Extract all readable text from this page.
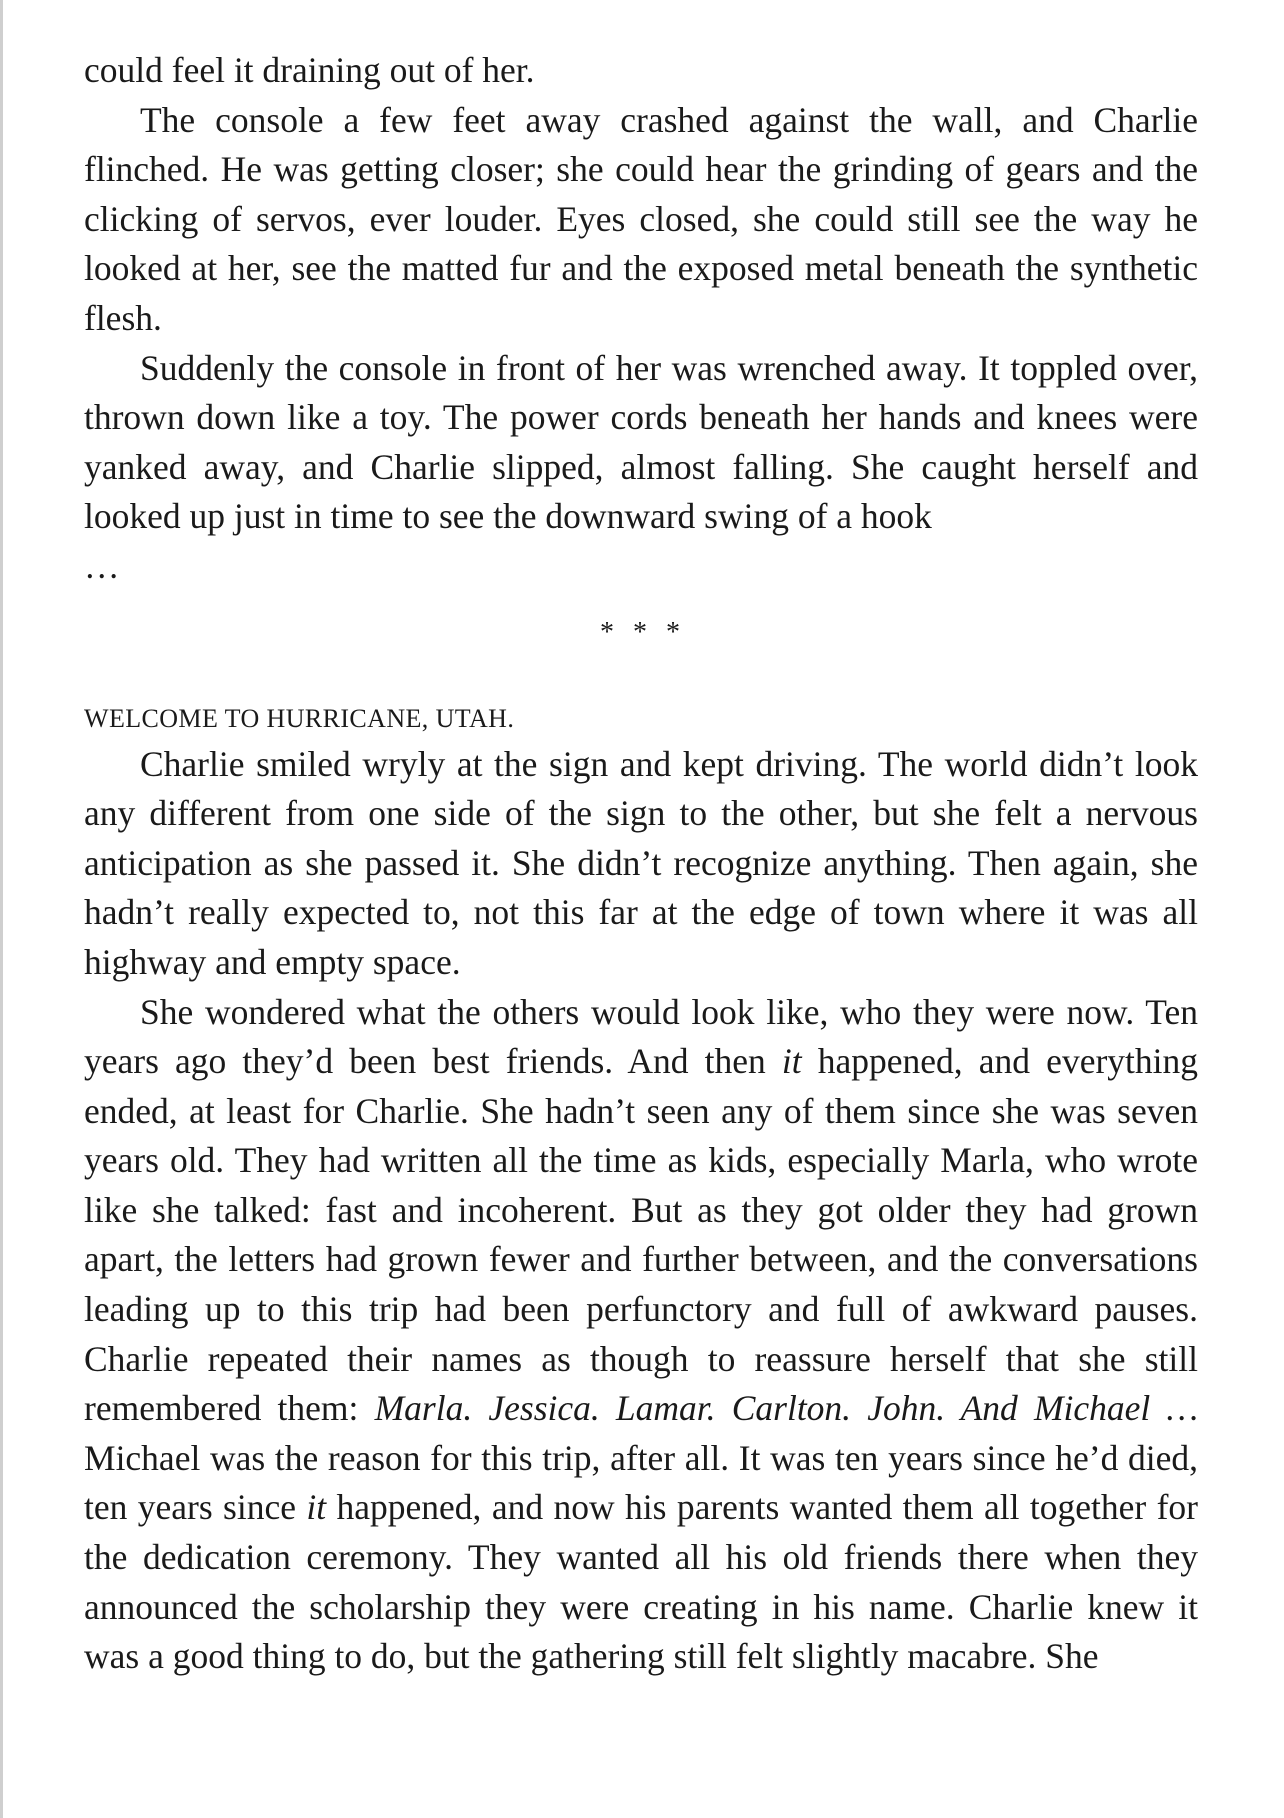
could feel it draining out of her.

The console a few feet away crashed against the wall, and Charlie flinched. He was getting closer; she could hear the grinding of gears and the clicking of servos, ever louder. Eyes closed, she could still see the way he looked at her, see the matted fur and the exposed metal beneath the synthetic flesh.

Suddenly the console in front of her was wrenched away. It toppled over, thrown down like a toy. The power cords beneath her hands and knees were yanked away, and Charlie slipped, almost falling. She caught herself and looked up just in time to see the downward swing of a hook

…

* * *
WELCOME TO HURRICANE, UTAH.

Charlie smiled wryly at the sign and kept driving. The world didn’t look any different from one side of the sign to the other, but she felt a nervous anticipation as she passed it. She didn’t recognize anything. Then again, she hadn’t really expected to, not this far at the edge of town where it was all highway and empty space.

She wondered what the others would look like, who they were now. Ten years ago they’d been best friends. And then it happened, and everything ended, at least for Charlie. She hadn’t seen any of them since she was seven years old. They had written all the time as kids, especially Marla, who wrote like she talked: fast and incoherent. But as they got older they had grown apart, the letters had grown fewer and further between, and the conversations leading up to this trip had been perfunctory and full of awkward pauses. Charlie repeated their names as though to reassure herself that she still remembered them: Marla. Jessica. Lamar. Carlton. John. And Michael … Michael was the reason for this trip, after all. It was ten years since he’d died, ten years since it happened, and now his parents wanted them all together for the dedication ceremony. They wanted all his old friends there when they announced the scholarship they were creating in his name. Charlie knew it was a good thing to do, but the gathering still felt slightly macabre. She
